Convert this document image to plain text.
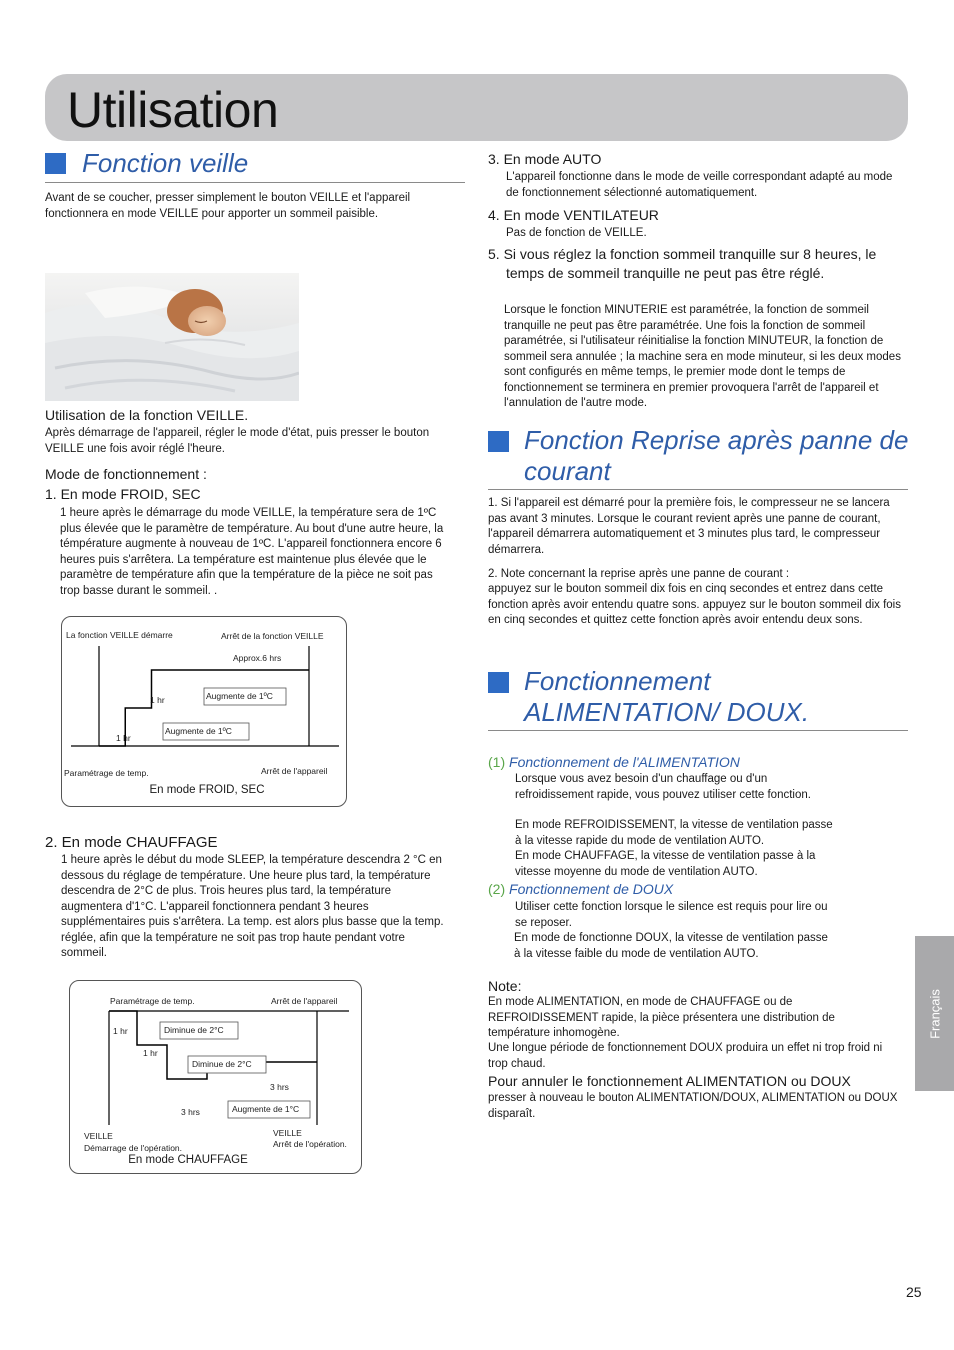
Utilisation
Fonction veille
Avant de se coucher, presser simplement le bouton VEILLE et l'appareil fonctionnera en mode VEILLE pour apporter un sommeil paisible.
Utilisation de la fonction VEILLE.
Après démarrage de l'appareil, régler le mode d'état, puis presser le bouton VEILLE une fois avoir réglé l'heure.
Mode de fonctionnement :
1. En mode FROID, SEC
1 heure après le démarrage du mode VEILLE, la température sera de 1ºC plus élevée que le paramètre de température. Au bout d'une autre heure, la témpérature augmente à nouveau de 1ºC. L'appareil fonctionnera encore 6 heures puis s'arrêtera. La température est maintenue plus élevée que le paramètre de température afin que la température de la pièce ne soit pas trop basse durant le sommeil. .
La fonction VEILLE démarre	Arrêt de la fonction VEILLE
Approx.6 hrs
1 hr
1 hr
Augmente de 1ºC
Augmente de 1ºC
Paramétrage de temp.	Arrêt de l'appareil
En mode FROID, SEC
2. En mode CHAUFFAGE
1 heure après le début du mode SLEEP, la température descendra 2 °C en dessous du réglage de température. Une heure plus tard, la température descendra de 2°C de plus. Trois heures plus tard, la température augmentera d'1°C. L'appareil fonctionnera pendant 3 heures supplémentaires puis s'arrêtera. La temp. est alors plus basse que la temp. réglée, afin que la température ne soit pas trop haute pendant votre sommeil.
Paramétrage de temp.	Arrêt de l'appareil
1 hr
1 hr
3 hrs
3 hrs
Diminue de 2°C
Diminue de 2°C
Augmente de 1°C
VEILLE
Démarrage de l'opération.
VEILLE
Arrêt de l'opération.
En mode CHAUFFAGE
3. En mode AUTO
L'appareil fonctionne dans le mode de veille correspondant adapté au mode de fonctionnement sélectionné automatiquement.
4. En mode VENTILATEUR
Pas de fonction de VEILLE.
5. Si vous réglez la fonction sommeil tranquille sur 8 heures, le temps de sommeil tranquille ne peut pas être réglé.
Lorsque le fonction MINUTERIE est paramétrée, la fonction de sommeil tranquille ne peut pas être paramétrée. Une fois la fonction de sommeil paramétrée, si l'utilisateur réinitialise la fonction MINUTEUR, la fonction de sommeil sera annulée ; la machine sera en mode minuteur, si les deux modes sont configurés en même temps, le premier mode dont le temps de fonctionnement se terminera en premier provoquera l'arrêt de l'appareil et l'annulation de l'autre mode.
Fonction Reprise après panne de courant
1. Si l'appareil est démarré pour la première fois, le compresseur ne se lancera pas avant 3 minutes. Lorsque le courant revient après une panne de courant, l'appareil démarrera automatiquement et 3 minutes plus tard, le compresseur démarrera.
2. Note concernant la reprise après une panne de courant :
appuyez sur le bouton sommeil dix fois en cinq secondes et entrez dans cette fonction après avoir entendu quatre sons. appuyez sur le bouton sommeil dix fois en cinq secondes et quittez cette fonction après avoir entendu deux sons.
Fonctionnement ALIMENTATION/ DOUX.
(1) Fonctionnement de l'ALIMENTATION
Lorsque vous avez besoin d'un chauffage ou d'un refroidissement rapide, vous pouvez utiliser cette fonction.
En mode REFROIDISSEMENT, la vitesse de ventilation passe à la vitesse rapide du mode de ventilation AUTO.
En mode CHAUFFAGE, la vitesse de ventilation passe à la vitesse moyenne du mode de ventilation AUTO.
(2) Fonctionnement de DOUX
Utiliser cette fonction lorsque le silence est requis pour lire ou se reposer.
En mode de fonctionne DOUX, la vitesse de ventilation passe à la vitesse faible du mode de ventilation AUTO.
Note:
En mode ALIMENTATION, en mode de CHAUFFAGE ou de REFROIDISSEMENT rapide, la pièce présentera une distribution de température inhomogène.
Une longue période de fonctionnement DOUX produira un effet ni trop froid ni trop chaud.
Pour annuler le fonctionnement ALIMENTATION ou DOUX
presser à nouveau le bouton ALIMENTATION/DOUX, ALIMENTATION ou DOUX disparaît.
Français
25
